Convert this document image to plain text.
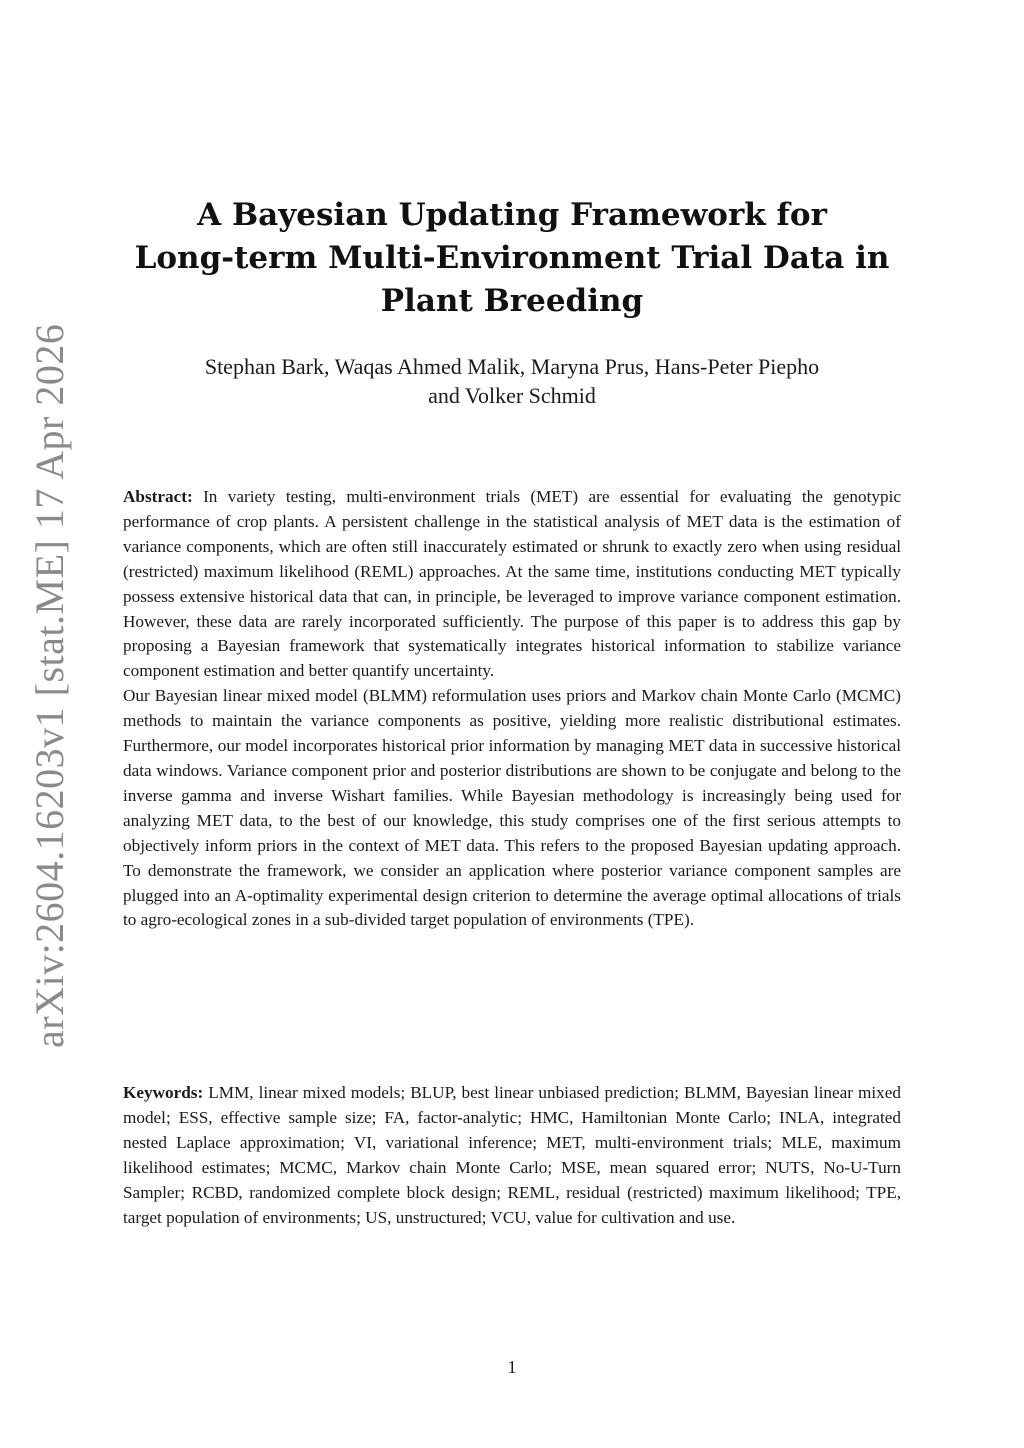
arXiv:2604.16203v1 [stat.ME] 17 Apr 2026
A Bayesian Updating Framework for
Long-term Multi-Environment Trial Data in
Plant Breeding
Stephan Bark, Waqas Ahmed Malik, Maryna Prus, Hans-Peter Piepho
and Volker Schmid

Abstract: In variety testing, multi-environment trials (MET) are essential for evaluating the genotypic performance of crop plants. A persistent challenge in the statistical analysis of MET data is the estimation of variance components, which are often still inaccurately estimated or shrunk to exactly zero when using residual (restricted) maximum likelihood (REML) approaches. At the same time, institutions conducting MET typically possess extensive historical data that can, in principle, be leveraged to improve variance component estimation. However, these data are rarely incorporated sufficiently. The purpose of this paper is to address this gap by proposing a Bayesian framework that systematically integrates historical information to stabilize variance component estimation and better quantify uncertainty.

Our Bayesian linear mixed model (BLMM) reformulation uses priors and Markov chain Monte Carlo (MCMC) methods to maintain the variance components as positive, yielding more realistic distributional estimates. Furthermore, our model incorporates historical prior information by managing MET data in successive historical data windows. Variance component prior and posterior distributions are shown to be conjugate and belong to the inverse gamma and inverse Wishart families. While Bayesian methodology is increasingly being used for analyzing MET data, to the best of our knowledge, this study comprises one of the first serious attempts to objectively inform priors in the context of MET data. This refers to the proposed Bayesian updating approach. To demonstrate the framework, we consider an application where posterior variance component samples are plugged into an A-optimality experimental design criterion to determine the average optimal allocations of trials to agro-ecological zones in a sub-divided target population of environments (TPE).

Keywords: LMM, linear mixed models; BLUP, best linear unbiased prediction; BLMM, Bayesian linear mixed model; ESS, effective sample size; FA, factor-analytic; HMC, Hamiltonian Monte Carlo; INLA, integrated nested Laplace approximation; VI, variational inference; MET, multi-environment trials; MLE, maximum likelihood estimates; MCMC, Markov chain Monte Carlo; MSE, mean squared error; NUTS, No-U-Turn Sampler; RCBD, randomized complete block design; REML, residual (restricted) maximum likelihood; TPE, target population of environments; US, unstructured; VCU, value for cultivation and use.

1
